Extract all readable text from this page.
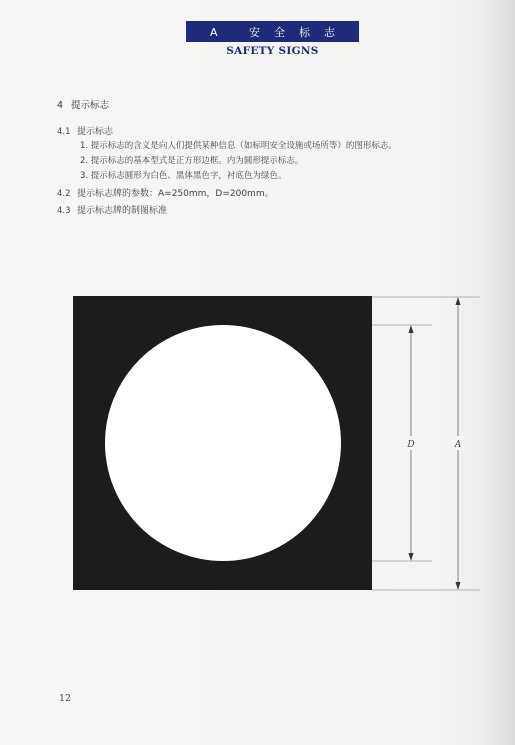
A 安全标志
SAFETY SIGNS
4 提示标志
4.1 提示标志
1. 提示标志的含义是向人们提供某种信息（如标明安全设施或场所等）的图形标志。
2. 提示标志的基本型式是正方形边框。内为圆形提示标志。
3. 提示标志圆形为白色、黑体黑色字，衬底色为绿色。
4.2 提示标志牌的参数：A=250mm，D=200mm。
4.3 提示标志牌的制图标准
D	A
12
